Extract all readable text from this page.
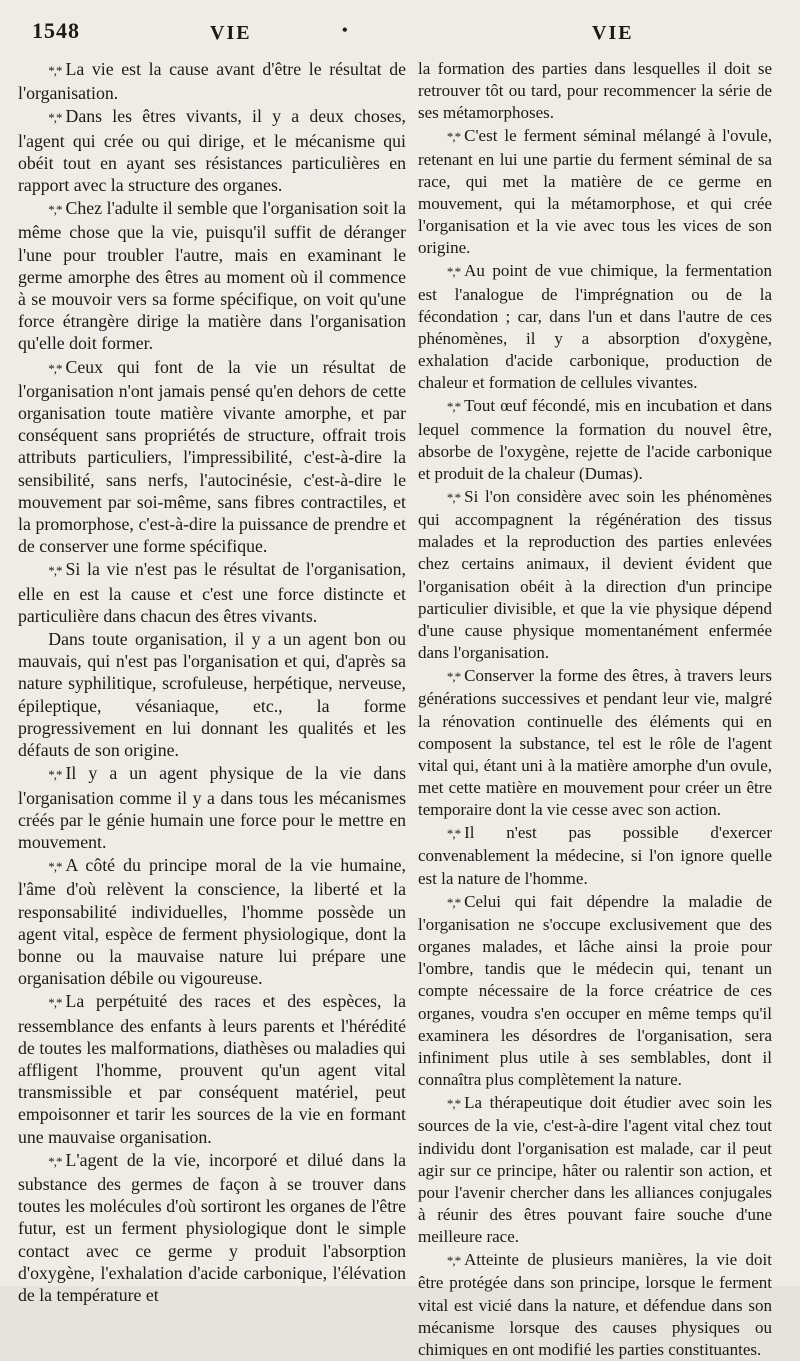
1548	VIE	•	VIE

*,* La vie est la cause avant d'être le résultat de l'organisation.

*,* Dans les êtres vivants, il y a deux choses, l'agent qui crée ou qui dirige, et le mécanisme qui obéit tout en ayant ses résistances particulières en rapport avec la structure des organes.

*,* Chez l'adulte il semble que l'organisation soit la même chose que la vie, puisqu'il suffit de déranger l'une pour troubler l'autre, mais en examinant le germe amorphe des êtres au moment où il commence à se mouvoir vers sa forme spécifique, on voit qu'une force étrangère dirige la matière dans l'organisation qu'elle doit former.

*,* Ceux qui font de la vie un résultat de l'organisation n'ont jamais pensé qu'en dehors de cette organisation toute matière vivante amorphe, et par conséquent sans propriétés de structure, offrait trois attributs particuliers, l'impressibilité, c'est-à-dire la sensibilité, sans nerfs, l'autocinésie, c'est-à-dire le mouvement par soi-même, sans fibres contractiles, et la promorphose, c'est-à-dire la puissance de prendre et de conserver une forme spécifique.

*,* Si la vie n'est pas le résultat de l'organisation, elle en est la cause et c'est une force distincte et particulière dans chacun des êtres vivants.

Dans toute organisation, il y a un agent bon ou mauvais, qui n'est pas l'organisation et qui, d'après sa nature syphilitique, scrofuleuse, herpétique, nerveuse, épileptique, vésaniaque, etc., la forme progressivement en lui donnant les qualités et les défauts de son origine.

*,* Il y a un agent physique de la vie dans l'organisation comme il y a dans tous les mécanismes créés par le génie humain une force pour le mettre en mouvement.

*,* A côté du principe moral de la vie humaine, l'âme d'où relèvent la conscience, la liberté et la responsabilité individuelles, l'homme possède un agent vital, espèce de ferment physiologique, dont la bonne ou la mauvaise nature lui prépare une organisation débile ou vigoureuse.

*,* La perpétuité des races et des espèces, la ressemblance des enfants à leurs parents et l'hérédité de toutes les malformations, diathèses ou maladies qui affligent l'homme, prouvent qu'un agent vital transmissible et par conséquent matériel, peut empoisonner et tarir les sources de la vie en formant une mauvaise organisation.

*,* L'agent de la vie, incorporé et dilué dans la substance des germes de façon à se trouver dans toutes les molécules d'où sortiront les organes de l'être futur, est un ferment physiologique dont le simple contact avec ce germe y produit l'absorption d'oxygène, l'exhalation d'acide carbonique, l'élévation de la température et

la formation des parties dans lesquelles il doit se retrouver tôt ou tard, pour recommencer la série de ses métamorphoses.

*,* C'est le ferment séminal mélangé à l'ovule, retenant en lui une partie du ferment séminal de sa race, qui met la matière de ce germe en mouvement, qui la métamorphose, et qui crée l'organisation et la vie avec tous les vices de son origine.

*,* Au point de vue chimique, la fermentation est l'analogue de l'imprégnation ou de la fécondation ; car, dans l'un et dans l'autre de ces phénomènes, il y a absorption d'oxygène, exhalation d'acide carbonique, production de chaleur et formation de cellules vivantes.

*,* Tout œuf fécondé, mis en incubation et dans lequel commence la formation du nouvel être, absorbe de l'oxygène, rejette de l'acide carbonique et produit de la chaleur (Dumas).

*,* Si l'on considère avec soin les phénomènes qui accompagnent la régénération des tissus malades et la reproduction des parties enlevées chez certains animaux, il devient évident que l'organisation obéit à la direction d'un principe particulier divisible, et que la vie physique dépend d'une cause physique momentanément enfermée dans l'organisation.

*,* Conserver la forme des êtres, à travers leurs générations successives et pendant leur vie, malgré la rénovation continuelle des éléments qui en composent la substance, tel est le rôle de l'agent vital qui, étant uni à la matière amorphe d'un ovule, met cette matière en mouvement pour créer un être temporaire dont la vie cesse avec son action.

*,* Il n'est pas possible d'exercer convenablement la médecine, si l'on ignore quelle est la nature de l'homme.

*,* Celui qui fait dépendre la maladie de l'organisation ne s'occupe exclusivement que des organes malades, et lâche ainsi la proie pour l'ombre, tandis que le médecin qui, tenant un compte nécessaire de la force créatrice de ces organes, voudra s'en occuper en même temps qu'il examinera les désordres de l'organisation, sera infiniment plus utile à ses semblables, dont il connaîtra plus complètement la nature.

*,* La thérapeutique doit étudier avec soin les sources de la vie, c'est-à-dire l'agent vital chez tout individu dont l'organisation est malade, car il peut agir sur ce principe, hâter ou ralentir son action, et pour l'avenir chercher dans les alliances conjugales à réunir des êtres pouvant faire souche d'une meilleure race.

*,* Atteinte de plusieurs manières, la vie doit être protégée dans son principe, lorsque le ferment vital est vicié dans la nature, et défendue dans son mécanisme lorsque des causes physiques ou chimiques en ont modifié les parties constituantes.
